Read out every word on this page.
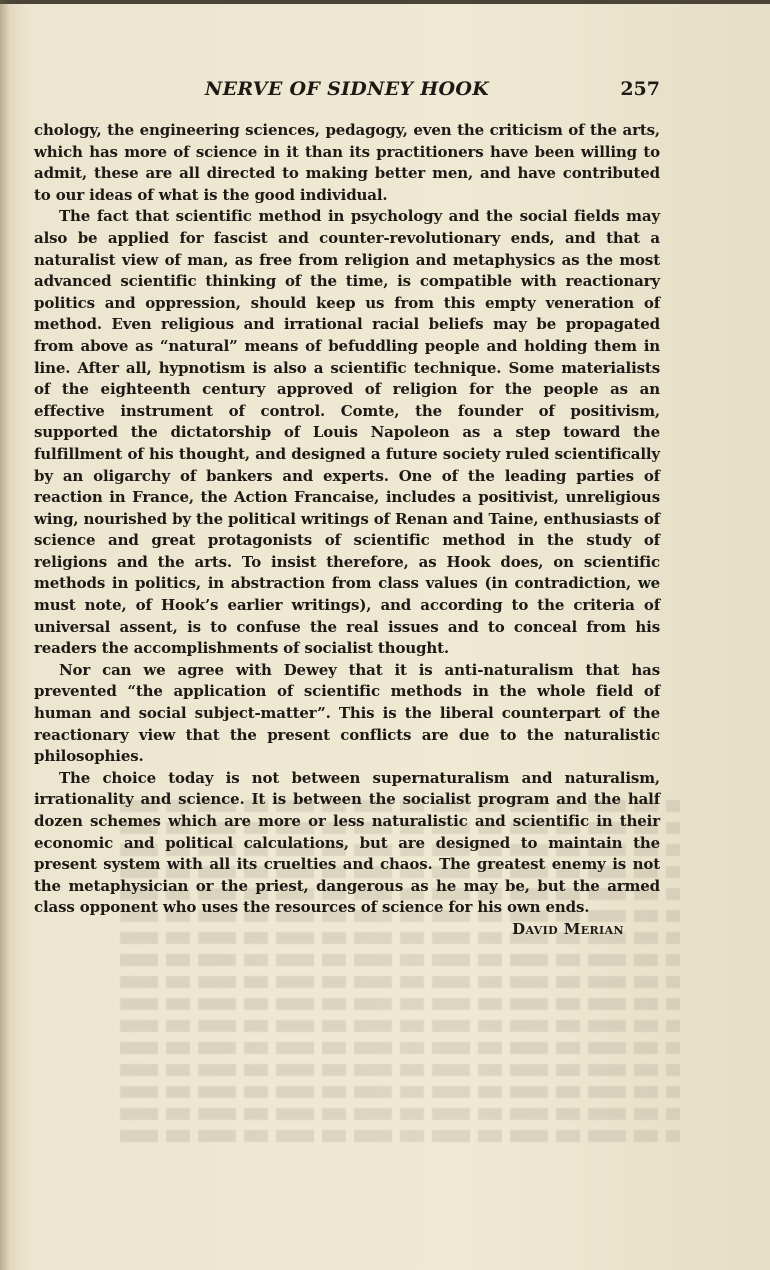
NERVE OF SIDNEY HOOK	257

chology, the engineering sciences, pedagogy, even the criticism of the arts, which has more of science in it than its practitioners have been willing to admit, these are all directed to making better men, and have contributed to our ideas of what is the good individual.

The fact that scientific method in psychology and the social fields may also be applied for fascist and counter-revolutionary ends, and that a naturalist view of man, as free from religion and metaphysics as the most advanced scientific thinking of the time, is compatible with reactionary politics and oppression, should keep us from this empty veneration of method. Even religious and irrational racial beliefs may be propagated from above as “natural” means of befuddling people and holding them in line. After all, hypnotism is also a scientific technique. Some materialists of the eighteenth century approved of religion for the people as an effective instrument of control. Comte, the founder of positivism, supported the dictatorship of Louis Napoleon as a step toward the fulfillment of his thought, and designed a future society ruled scientifically by an oligarchy of bankers and experts. One of the leading parties of reaction in France, the Action Francaise, includes a positivist, unreligious wing, nourished by the political writings of Renan and Taine, enthusiasts of science and great protagonists of scientific method in the study of religions and the arts. To insist therefore, as Hook does, on scientific methods in politics, in abstraction from class values (in contradiction, we must note, of Hook’s earlier writings), and according to the criteria of universal assent, is to confuse the real issues and to conceal from his readers the accomplishments of socialist thought.

Nor can we agree with Dewey that it is anti-naturalism that has prevented “the application of scientific methods in the whole field of human and social subject-matter”. This is the liberal counterpart of the reactionary view that the present conflicts are due to the naturalistic philosophies.

The choice today is not between supernaturalism and naturalism, irrationality and science. It is between the socialist program and the half dozen schemes which are more or less naturalistic and scientific in their economic and political calculations, but are designed to maintain the present system with all its cruelties and chaos. The greatest enemy is not the metaphysician or the priest, dangerous as he may be, but the armed class opponent who uses the resources of science for his own ends.

David Merian
